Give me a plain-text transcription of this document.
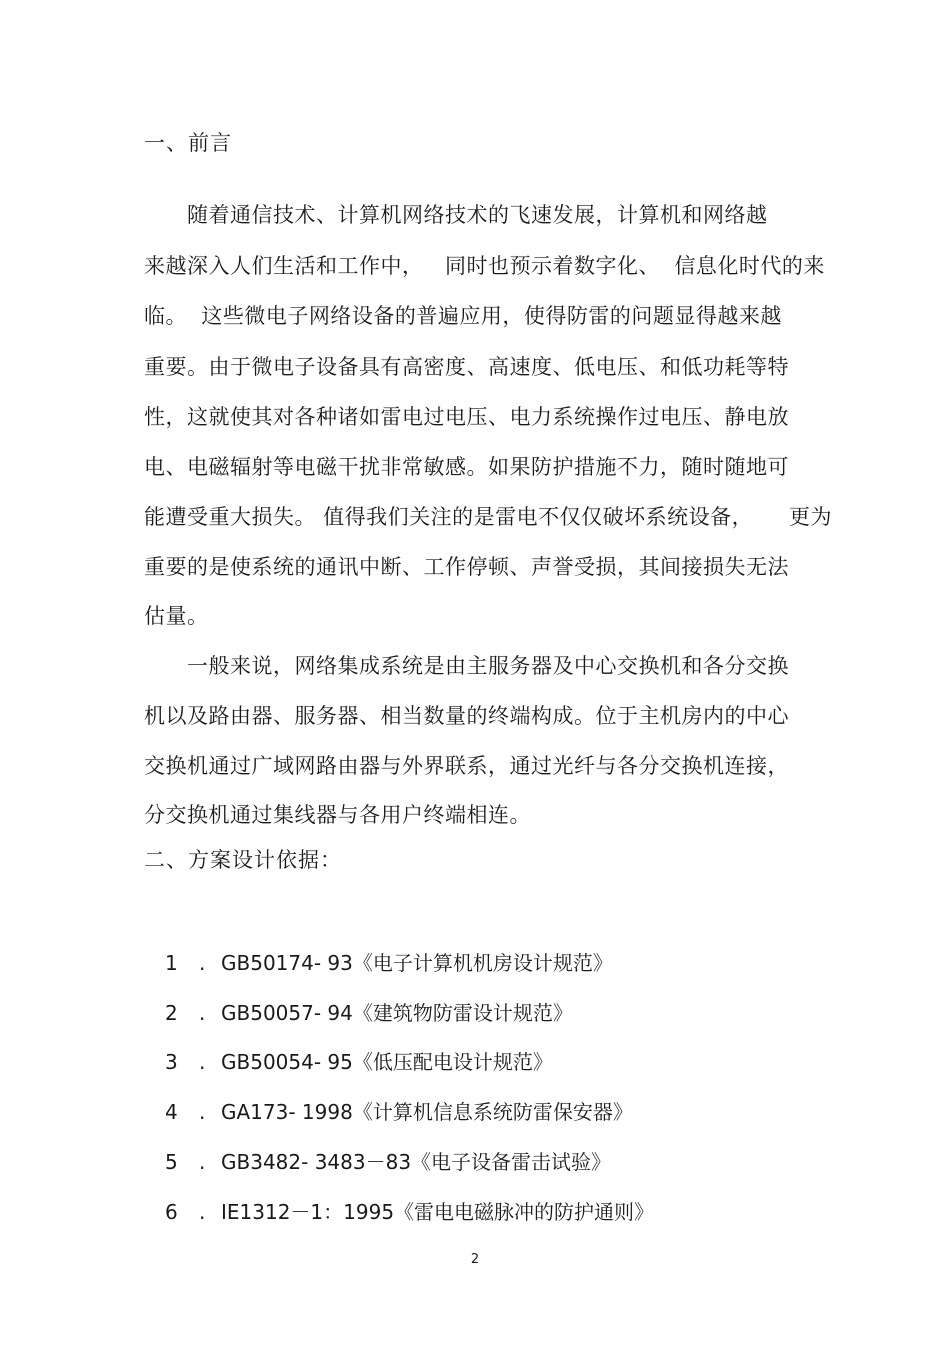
一、前言
随着通信技术、计算机网络技术的飞速发展，计算机和网络越
来越深入人们生活和工作中，   同时也预示着数字化、  信息化时代的来
临。  这些微电子网络设备的普遍应用，使得防雷的问题显得越来越
重要。由于微电子设备具有高密度、高速度、低电压、和低功耗等特
性，这就使其对各种诸如雷电过电压、电力系统操作过电压、静电放
电、电磁辐射等电磁干扰非常敏感。如果防护措施不力，随时随地可
能遭受重大损失。 值得我们关注的是雷电不仅仅破坏系统设备，     更为
重要的是使系统的通讯中断、工作停顿、声誉受损，其间接损失无法
估量。
一般来说，网络集成系统是由主服务器及中心交换机和各分交换
机以及路由器、服务器、相当数量的终端构成。位于主机房内的中心
交换机通过广域网路由器与外界联系，通过光纤与各分交换机连接，
分交换机通过集线器与各用户终端相连。
二、方案设计依据：
1	. GB50174- 93《电子计算机机房设计规范》
2	. GB50057- 94《建筑物防雷设计规范》
3	. GB50054- 95《低压配电设计规范》
4	. GA173- 1998《计算机信息系统防雷保安器》
5	. GB3482- 3483－83《电子设备雷击试验》
6	. IE1312－1：1995《雷电电磁脉冲的防护通则》
2
